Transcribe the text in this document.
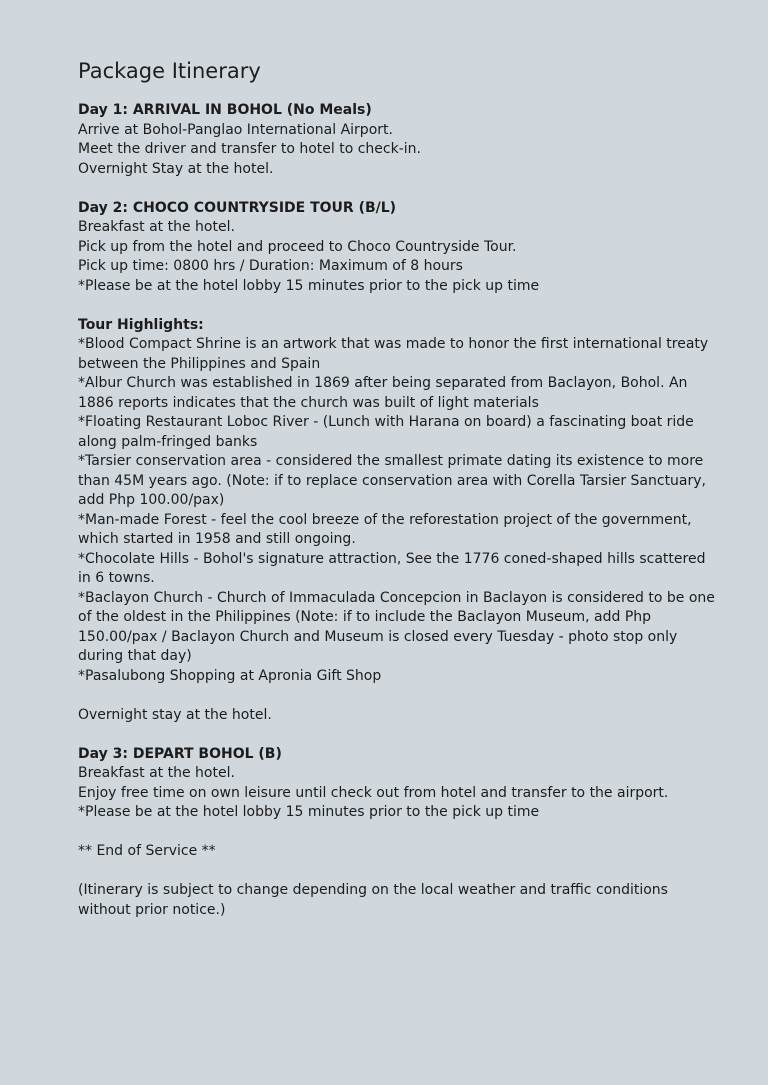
Package Itinerary

Day 1: ARRIVAL IN BOHOL (No Meals)

Arrive at Bohol-Panglao International Airport.

Meet the driver and transfer to hotel to check-in.

Overnight Stay at the hotel.

Day 2: CHOCO COUNTRYSIDE TOUR (B/L)

Breakfast at the hotel.

Pick up from the hotel and proceed to Choco Countryside Tour.

Pick up time: 0800 hrs / Duration: Maximum of 8 hours

*Please be at the hotel lobby 15 minutes prior to the pick up time

Tour Highlights:

*Blood Compact Shrine is an artwork that was made to honor the first international treaty between the Philippines and Spain

*Albur Church was established in 1869 after being separated from Baclayon, Bohol. An 1886 reports indicates that the church was built of light materials

*Floating Restaurant Loboc River - (Lunch with Harana on board) a fascinating boat ride along palm-fringed banks

*Tarsier conservation area - considered the smallest primate dating its existence to more than 45M years ago. (Note: if to replace conservation area with Corella Tarsier Sanctuary, add Php 100.00/pax)

*Man-made Forest - feel the cool breeze of the reforestation project of the government, which started in 1958 and still ongoing.

*Chocolate Hills - Bohol's signature attraction, See the 1776 coned-shaped hills scattered in 6 towns.

*Baclayon Church - Church of Immaculada Concepcion in Baclayon is considered to be one of the oldest in the Philippines (Note: if to include the Baclayon Museum, add Php 150.00/pax / Baclayon Church and Museum is closed every Tuesday - photo stop only during that day)

*Pasalubong Shopping at Apronia Gift Shop

Overnight stay at the hotel.

Day 3: DEPART BOHOL (B)

Breakfast at the hotel.

Enjoy free time on own leisure until check out from hotel and transfer to the airport.

*Please be at the hotel lobby 15 minutes prior to the pick up time

** End of Service **

(Itinerary is subject to change depending on the local weather and traffic conditions without prior notice.)
